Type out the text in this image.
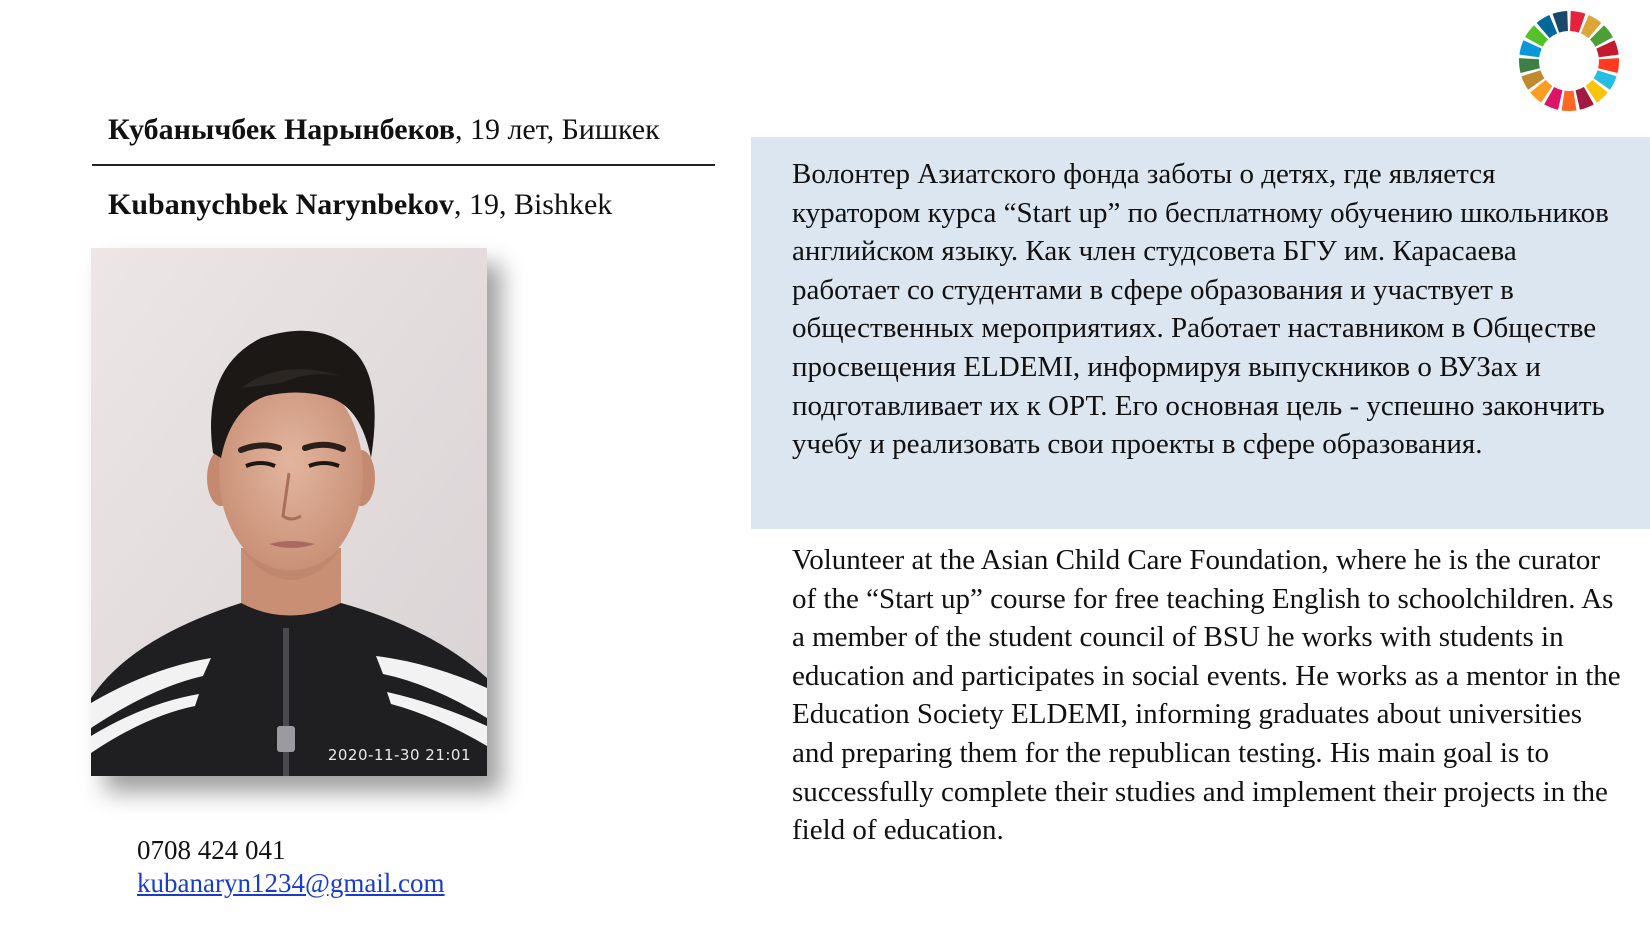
Кубанычбек Нарынбеков, 19 лет, Бишкек
Kubanychbek Narynbekov, 19, Bishkek
2020-11-30 21:01
0708 424 041
kubanaryn1234@gmail.com
Волонтер Азиатского фонда заботы о детях, где является куратором курса “Start up” по бесплатному обучению школьников английском языку. Как член студсовета БГУ им. Карасаева работает со студентами в сфере образования и участвует в общественных мероприятиях. Работает наставником в Обществе просвещения ELDEMI, информируя выпускников о ВУЗах и подготавливает их к ОРТ. Его основная цель - успешно закончить учебу и реализовать свои проекты в сфере образования.
Volunteer at the Asian Child Care Foundation, where he is the curator of the “Start up” course for free teaching English to schoolchildren. As a member of the student council of BSU he works with students in education and participates in social events. He works as a mentor in the Education Society ELDEMI, informing graduates about universities and preparing them for the republican testing. His main goal is to successfully complete their studies and implement their projects in the field of education.
